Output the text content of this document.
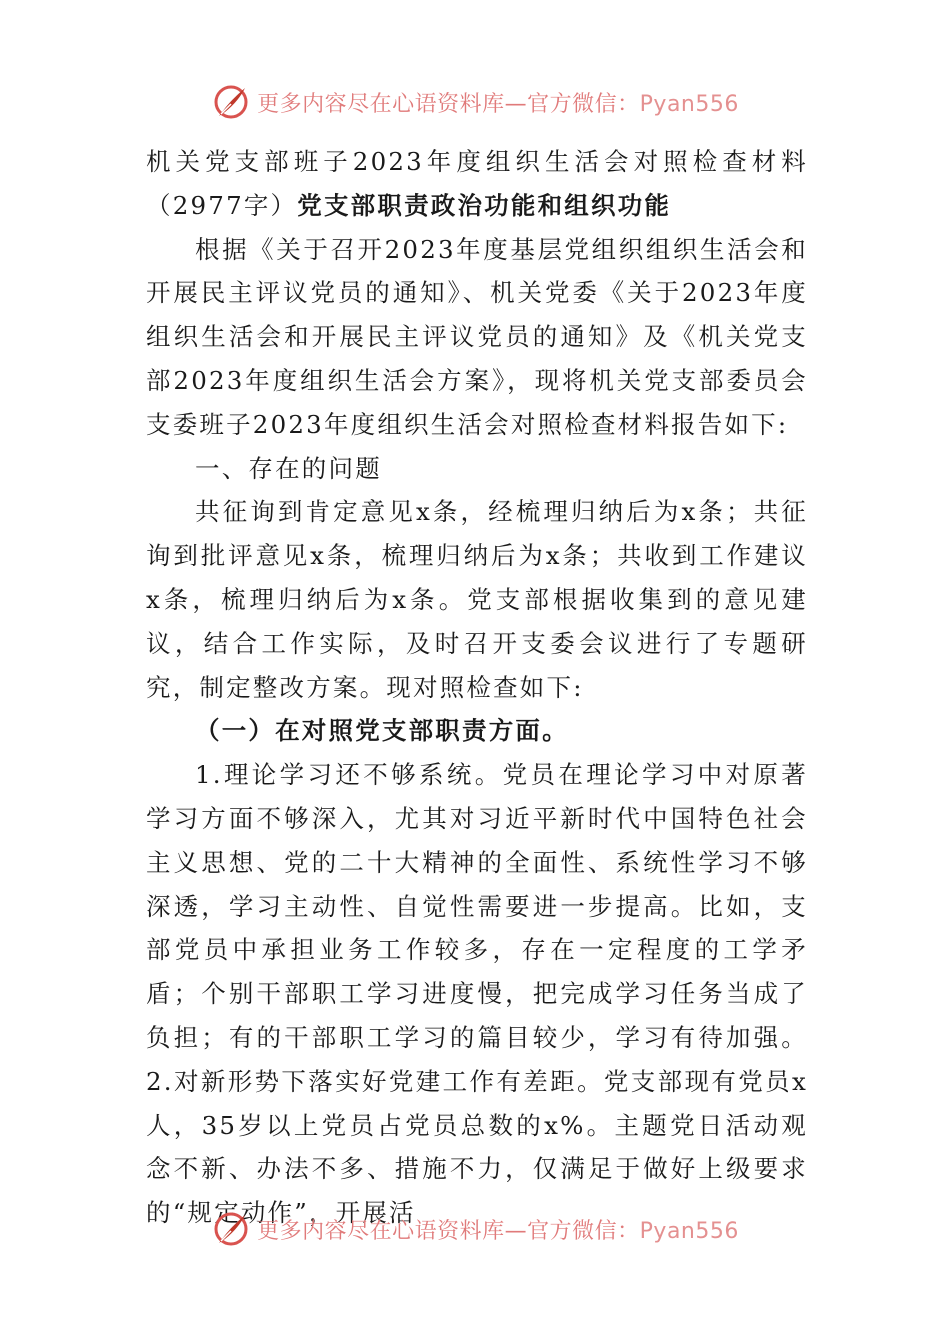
更多内容尽在心语资料库—官方微信：Pyan556

机关党支部班子2023年度组织生活会对照检查材料（2977字）党支部职责政治功能和组织功能

根据《关于召开2023年度基层党组织组织生活会和开展民主评议党员的通知》、机关党委《关于2023年度组织生活会和开展民主评议党员的通知》及《机关党支部2023年度组织生活会方案》，现将机关党支部委员会支委班子2023年度组织生活会对照检查材料报告如下:

一、存在的问题

共征询到肯定意见x条，经梳理归纳后为x条；共征询到批评意见x条，梳理归纳后为x条；共收到工作建议x条，梳理归纳后为x条。党支部根据收集到的意见建议，结合工作实际，及时召开支委会议进行了专题研究，制定整改方案。现对照检查如下:

（一）在对照党支部职责方面。

1.理论学习还不够系统。党员在理论学习中对原著学习方面不够深入，尤其对习近平新时代中国特色社会主义思想、党的二十大精神的全面性、系统性学习不够深透，学习主动性、自觉性需要进一步提高。比如，支部党员中承担业务工作较多，存在一定程度的工学矛盾；个别干部职工学习进度慢，把完成学习任务当成了负担；有的干部职工学习的篇目较少，学习有待加强。2.对新形势下落实好党建工作有差距。党支部现有党员x人，35岁以上党员占党员总数的x%。主题党日活动观念不新、办法不多、措施不力，仅满足于做好上级要求的“规定动作”，开展活

更多内容尽在心语资料库—官方微信：Pyan556
